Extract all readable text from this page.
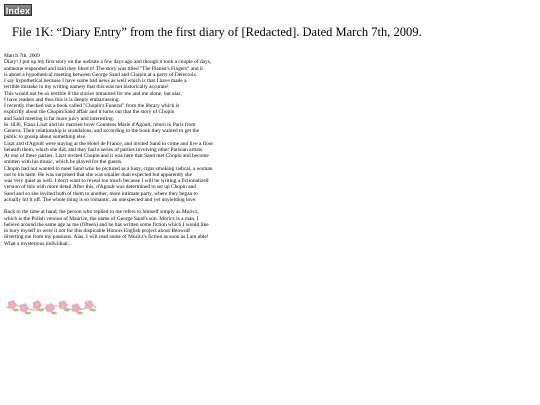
Index
File 1K: “Diary Entry” from the first diary of [Redacted]. Dated March 7th, 2009.

March 7th, 2009

Diary! I put up my first story on the website a few days ago and though it took a couple of days,

someone responded and said they liked it! The story was titled "The Pianist's Fingers" and it

is about a hypothetical meeting between George Sand and Chopin at a party of Delecroix.

I say hypothetical because I have some bad news as well which is that I have made a

terrible mistake in my writing namely that this was not historically accurate!

This would not be so terrible if the stories remained for me and me alone, but alas,

I have readers and thus this is is deeply embarrassing.

I recently checked out a book called "Chopin's Funeral" from the library which is

explicitly about the Chopin/Sand affair and it turns out that the story of Chopin

and Sand meeting is far more juicy and interesting.

In 1836, Franz Liszt and his married lover Countess Marie d'Agoult, return to Paris from

Geneva. Their relationship is scandalous, and according to the book they wanted to get the

public to gossip about something else.

Liszt and d'Agoult were staying at the Hotel de France, and invited Sand to come and live a floor

beneath them, which she did, and they had a series of parties involving other Parisian artists.

At one of these parties, Liszt invited Chopin and it was here that Sand met Chopin and become

smitten with his music, which he played for the guests.

Chopin had not wanted to meet Sand who he pictured as a lusty, cigar smoking radical, a woman

not to his taste. He was surprised that she was smaller than expected but apparently she

was very quiet as well. I don't want to reveal too much because I will be writing a fictionalized

version of this with more detail.After this, d'Agoult was determined to set up Chopin and

Sand and so she invited both of them to another, more intimate party, where they began to

actually hit it off. The whole thing is so romantic, an unexpected and yet unyielding love.

Back to the time at hand, the person who replied to me refers to himself simply as Moricz,

which is the Polish version of Maurice, the name of George Sand's son. Moricz is a man, I

believe around the same age as me (fifteen) and he has written some fiction which I would like

to bury myself in were it not for this dispicable Honors English project about Beowulf

diverting me from my passions. Alas, I will read some of Moricz's fiction as soon as I am able!

What a mysterious individual...
